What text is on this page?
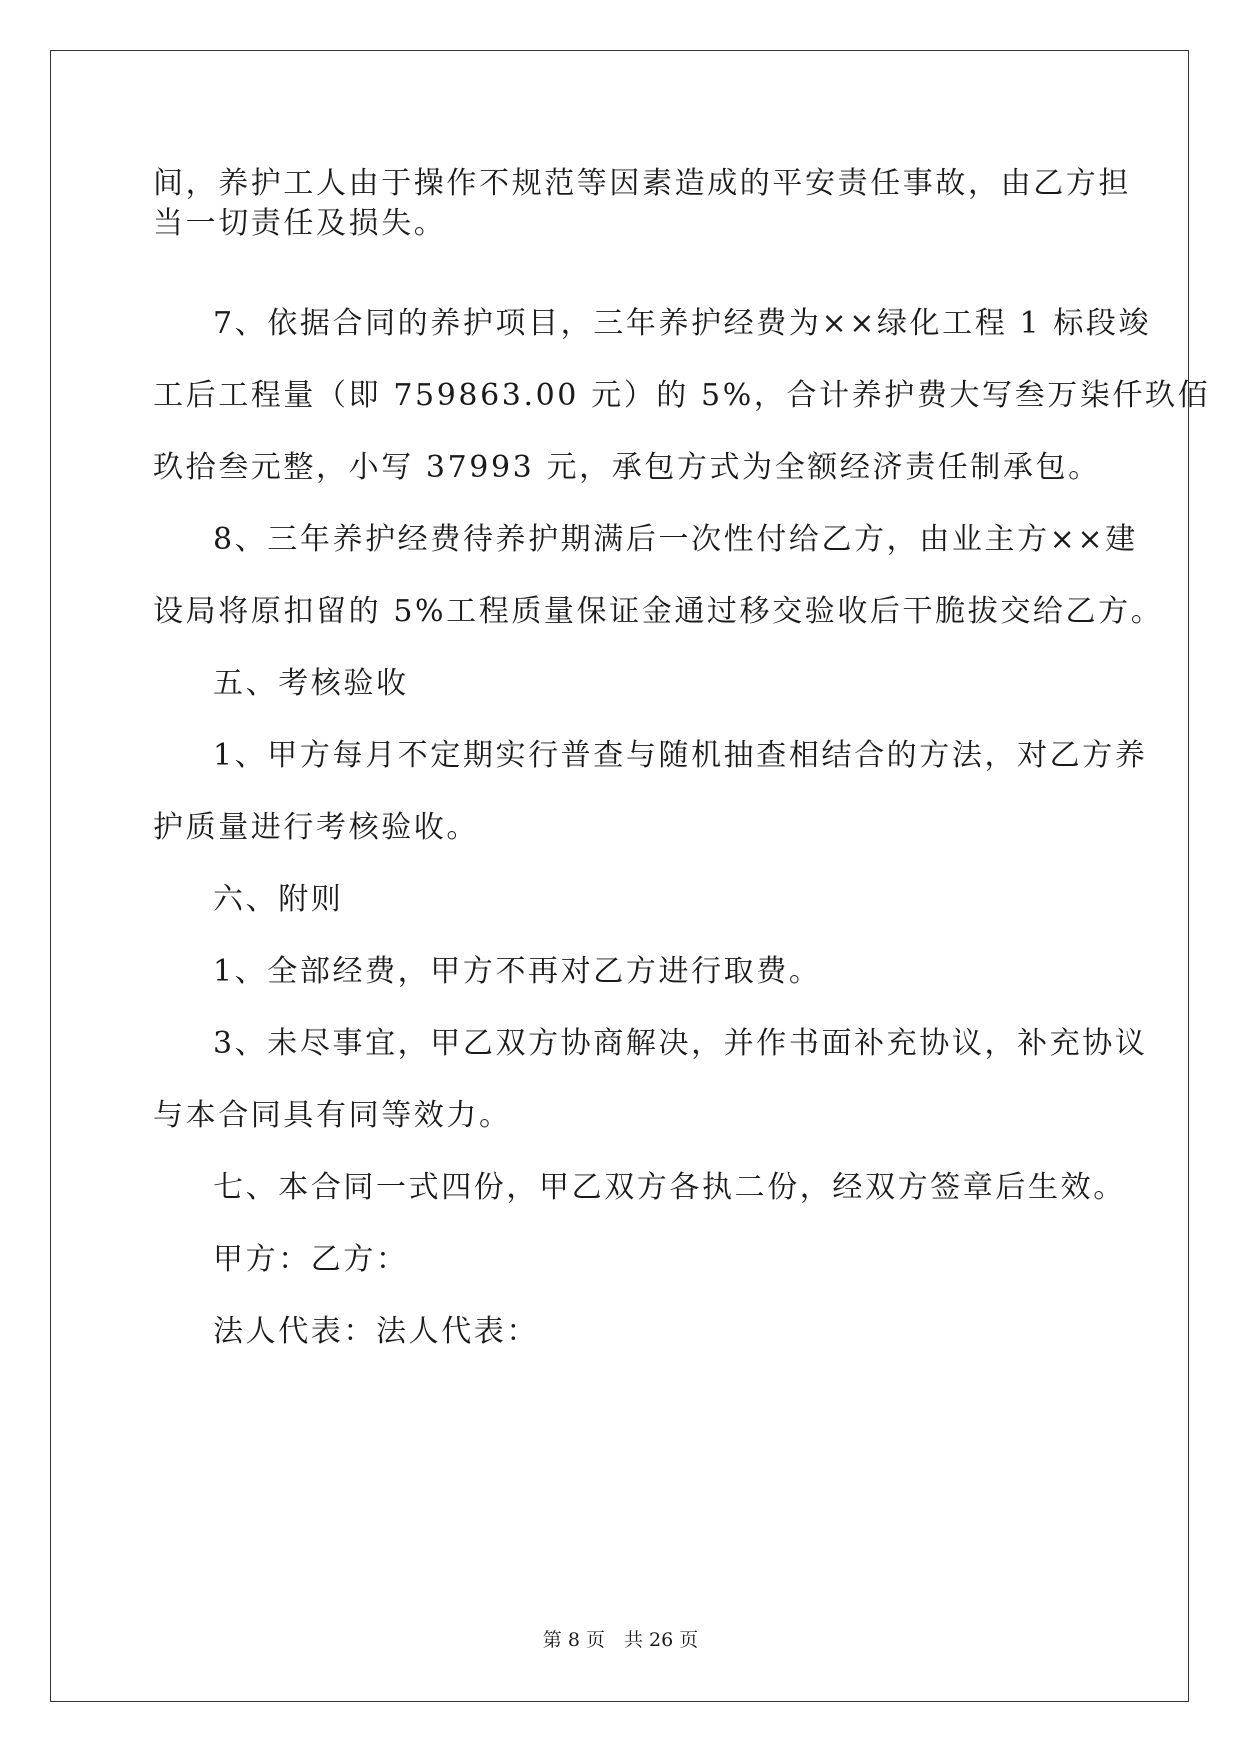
间，养护工人由于操作不规范等因素造成的平安责任事故，由乙方担
当一切责任及损失。
7、依据合同的养护项目，三年养护经费为××绿化工程 1 标段竣
工后工程量（即 759863.00 元）的 5%，合计养护费大写叁万柒仟玖佰
玖拾叁元整，小写 37993 元，承包方式为全额经济责任制承包。
8、三年养护经费待养护期满后一次性付给乙方，由业主方××建
设局将原扣留的 5%工程质量保证金通过移交验收后干脆拔交给乙方。
五、考核验收
1、甲方每月不定期实行普查与随机抽查相结合的方法，对乙方养
护质量进行考核验收。
六、附则
1、全部经费，甲方不再对乙方进行取费。
3、未尽事宜，甲乙双方协商解决，并作书面补充协议，补充协议
与本合同具有同等效力。
七、本合同一式四份，甲乙双方各执二份，经双方签章后生效。
甲方：乙方：
法人代表：法人代表：
第 8 页　共 26 页
